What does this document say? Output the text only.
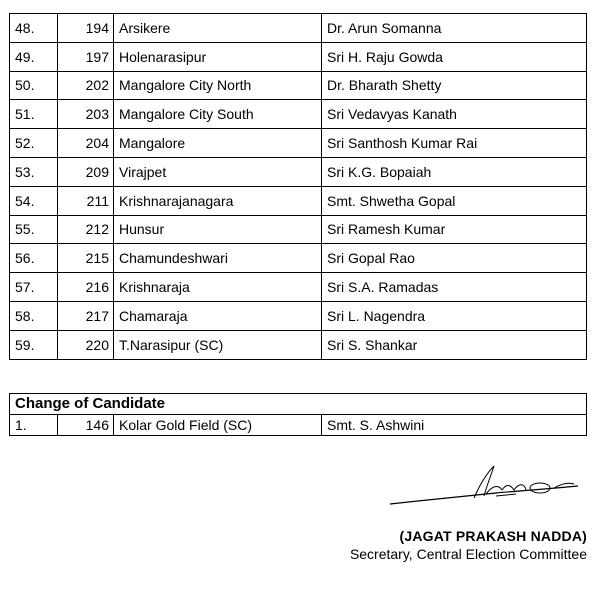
48.	194	Arsikere	Dr. Arun Somanna
49.	197	Holenarasipur	Sri H. Raju Gowda
50.	202	Mangalore City North	Dr. Bharath Shetty
51.	203	Mangalore City South	Sri Vedavyas Kanath
52.	204	Mangalore	Sri Santhosh Kumar Rai
53.	209	Virajpet	Sri K.G. Bopaiah
54.	211	Krishnarajanagara	Smt. Shwetha Gopal
55.	212	Hunsur	Sri Ramesh Kumar
56.	215	Chamundeshwari	Sri Gopal Rao
57.	216	Krishnaraja	Sri S.A. Ramadas
58.	217	Chamaraja	Sri L. Nagendra
59.	220	T.Narasipur (SC)	Sri S. Shankar
Change of Candidate
1.	146	Kolar Gold Field (SC)	Smt. S. Ashwini
(JAGAT PRAKASH NADDA)
Secretary, Central Election Committee
